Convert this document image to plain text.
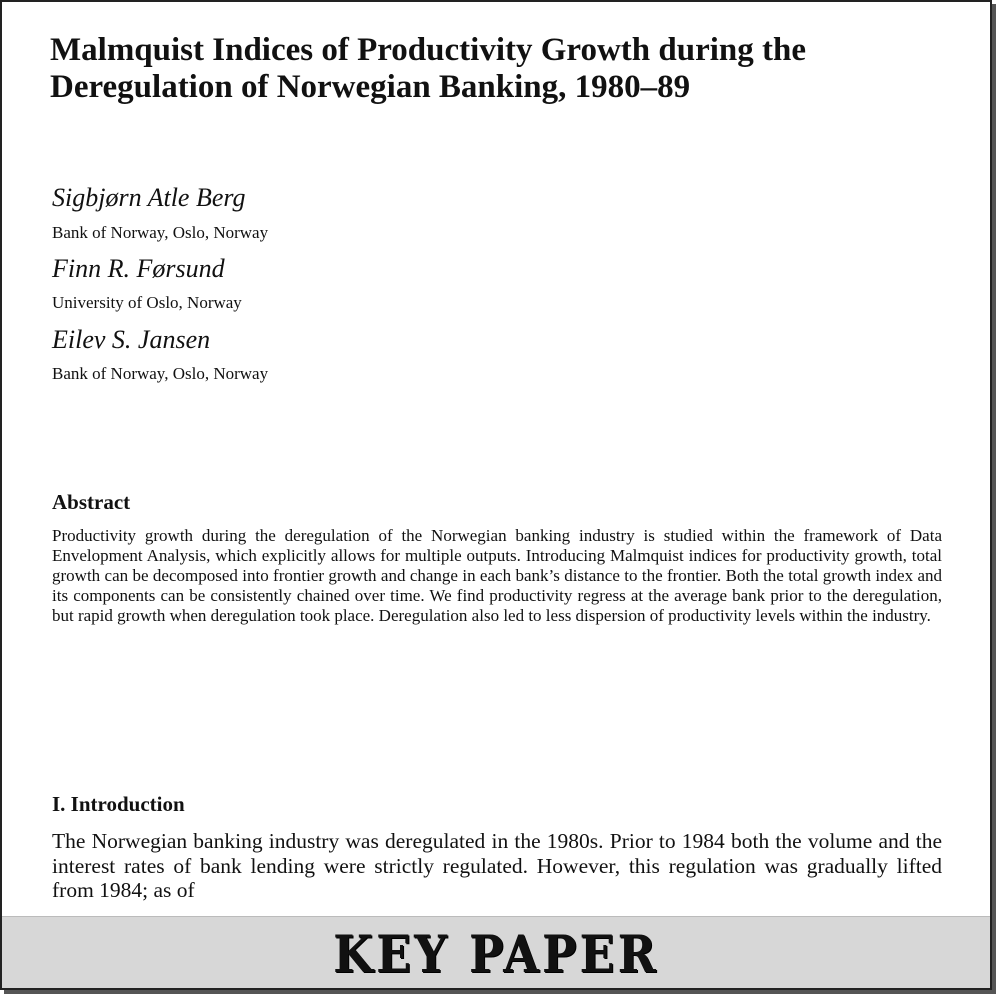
Malmquist Indices of Productivity Growth during the Deregulation of Norwegian Banking, 1980–89
Sigbjørn Atle Berg
Bank of Norway, Oslo, Norway
Finn R. Førsund
University of Oslo, Norway
Eilev S. Jansen
Bank of Norway, Oslo, Norway
Abstract

Productivity growth during the deregulation of the Norwegian banking industry is studied within the framework of Data Envelopment Analysis, which explicitly allows for multiple outputs. Introducing Malmquist indices for productivity growth, total growth can be decomposed into frontier growth and change in each bank’s distance to the frontier. Both the total growth index and its components can be consistently chained over time. We find productivity regress at the average bank prior to the deregulation, but rapid growth when deregulation took place. Deregulation also led to less dispersion of productivity levels within the industry.

I. Introduction

The Norwegian banking industry was deregulated in the 1980s. Prior to 1984 both the volume and the interest rates of bank lending were strictly regulated. However, this regulation was gradually lifted from 1984; as of

KEY PAPER
